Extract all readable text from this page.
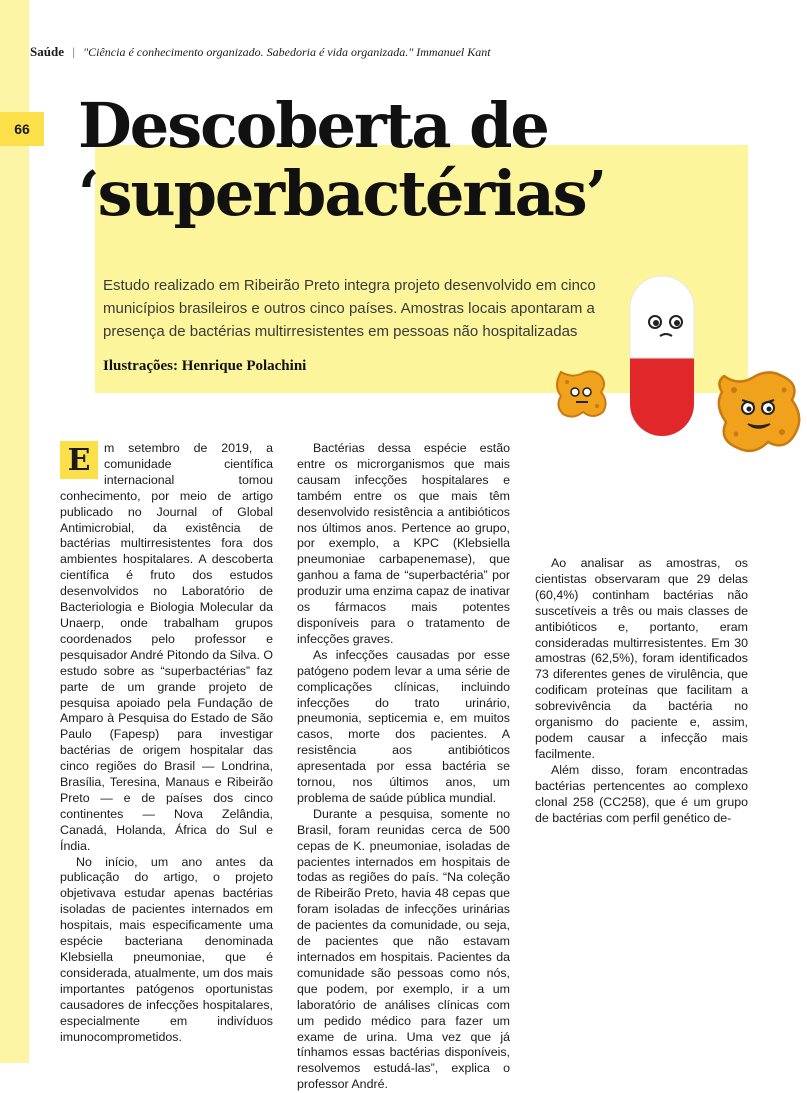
Saúde | "Ciência é conhecimento organizado. Sabedoria é vida organizada." Immanuel Kant
66 Descoberta de
‘superbactérias’
Estudo realizado em Ribeirão Preto integra projeto desenvolvido em cinco municípios brasileiros e outros cinco países. Amostras locais apontaram a presença de bactérias multirresistentes em pessoas não hospitalizadas
Ilustrações: Henrique Polachini

E	m setembro de 2019, a comunidade científica internacional tomou conhecimento, por meio de artigo publicado no Journal of Global Antimicrobial, da existência de bactérias multirresistentes fora dos ambientes hospitalares. A descoberta científica é fruto dos estudos desenvolvidos no Laboratório de Bacteriologia e Biologia Molecular da Unaerp, onde trabalham grupos coordenados pelo professor e pesquisador André Pitondo da Silva. O estudo sobre as “superbactérias” faz parte de um grande projeto de pesquisa apoiado pela Fundação de Amparo à Pesquisa do Estado de São Paulo (Fapesp) para investigar bactérias de origem hospitalar das cinco regiões do Brasil — Londrina, Brasília, Teresina, Manaus e Ribeirão Preto — e de países dos cinco continentes — Nova Zelândia, Canadá, Holanda, África do Sul e Índia.

No início, um ano antes da publicação do artigo, o projeto objetivava estudar apenas bactérias isoladas de pacientes internados em hospitais, mais especificamente uma espécie bacteriana denominada Klebsiella pneumoniae, que é considerada, atualmente, um dos mais importantes patógenos oportunistas causadores de infecções hospitalares, especialmente em indivíduos imunocomprometidos.

Bactérias dessa espécie estão entre os microrganismos que mais causam infecções hospitalares e também entre os que mais têm desenvolvido resistência a antibióticos nos últimos anos. Pertence ao grupo, por exemplo, a KPC (Klebsiella pneumoniae carbapenemase), que ganhou a fama de “superbactéria” por produzir uma enzima capaz de inativar os fármacos mais potentes disponíveis para o tratamento de infecções graves.

As infecções causadas por esse patógeno podem levar a uma série de complicações clínicas, incluindo infecções do trato urinário, pneumonia, septicemia e, em muitos casos, morte dos pacientes. A resistência aos antibióticos apresentada por essa bactéria se tornou, nos últimos anos, um problema de saúde pública mundial.

Durante a pesquisa, somente no Brasil, foram reunidas cerca de 500 cepas de K. pneumoniae, isoladas de pacientes internados em hospitais de todas as regiões do país. “Na coleção de Ribeirão Preto, havia 48 cepas que foram isoladas de infecções urinárias de pacientes da comunidade, ou seja, de pacientes que não estavam internados em hospitais. Pacientes da comunidade são pessoas como nós, que podem, por exemplo, ir a um laboratório de análises clínicas com um pedido médico para fazer um exame de urina. Uma vez que já tínhamos essas bactérias disponíveis, resolvemos estudá-las”, explica o professor André.

Ao analisar as amostras, os cientistas observaram que 29 delas (60,4%) continham bactérias não suscetíveis a três ou mais classes de antibióticos e, portanto, eram consideradas multirresistentes. Em 30 amostras (62,5%), foram identificados 73 diferentes genes de virulência, que codificam proteínas que facilitam a sobrevivência da bactéria no organismo do paciente e, assim, podem causar a infecção mais facilmente.

Além disso, foram encontradas bactérias pertencentes ao complexo clonal 258 (CC258), que é um grupo de bactérias com perfil genético de-
